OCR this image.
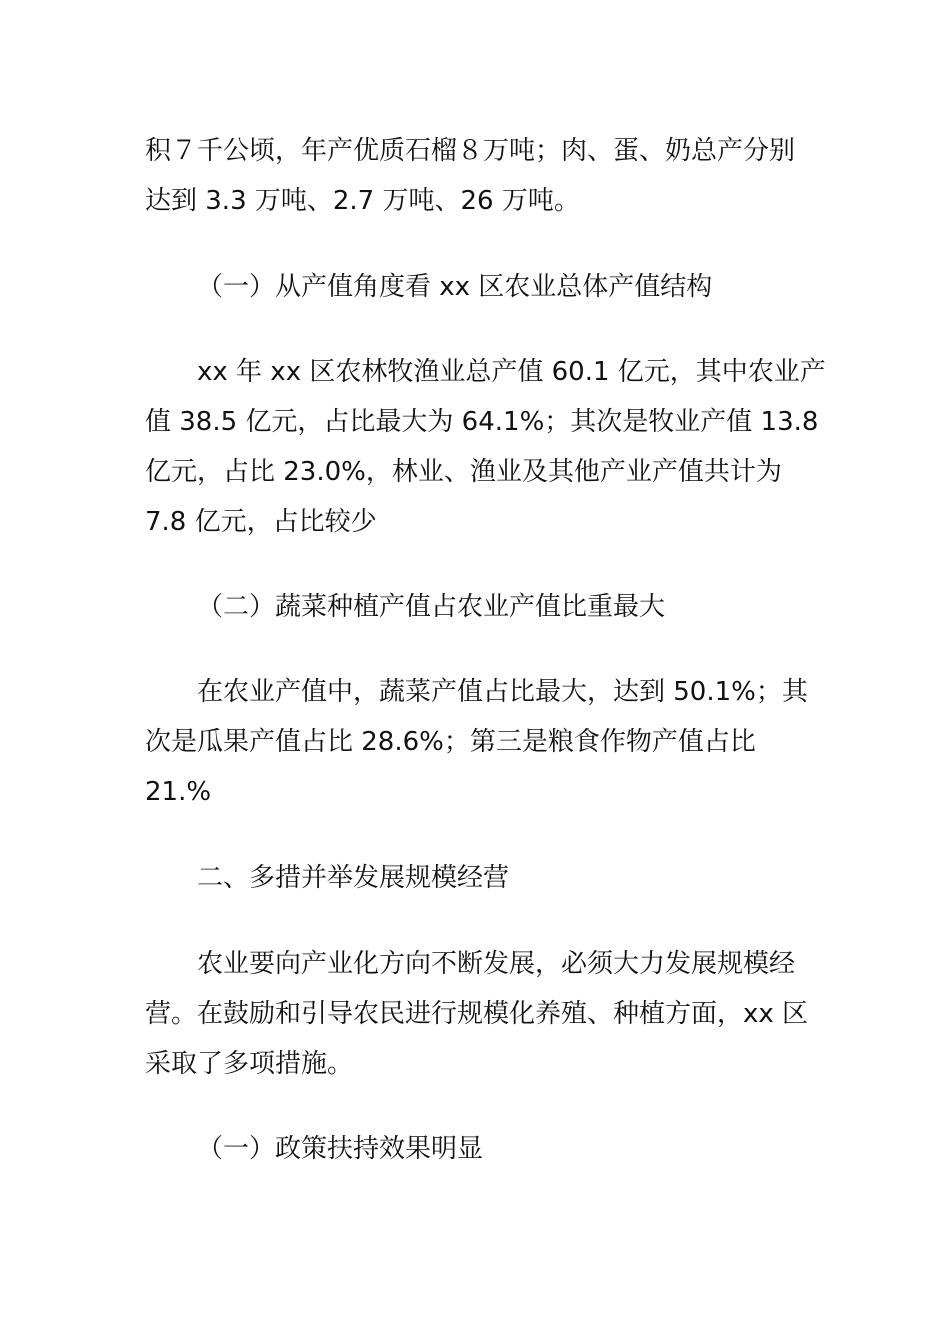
积７千公顷，年产优质石榴８万吨；肉、蛋、奶总产分别
达到 3.3 万吨、2.7 万吨、26 万吨。
（一）从产值角度看 xx 区农业总体产值结构
xx 年 xx 区农林牧渔业总产值 60.1 亿元，其中农业产
值 38.5 亿元，占比最大为 64.1%；其次是牧业产值 13.8
亿元，占比 23.0%，林业、渔业及其他产业产值共计为
7.8 亿元，占比较少
（二）蔬菜种植产值占农业产值比重最大
在农业产值中，蔬菜产值占比最大，达到 50.1%；其
次是瓜果产值占比 28.6%；第三是粮食作物产值占比
21.%
二、多措并举发展规模经营
农业要向产业化方向不断发展，必须大力发展规模经
营。在鼓励和引导农民进行规模化养殖、种植方面，xx 区
采取了多项措施。
（一）政策扶持效果明显
